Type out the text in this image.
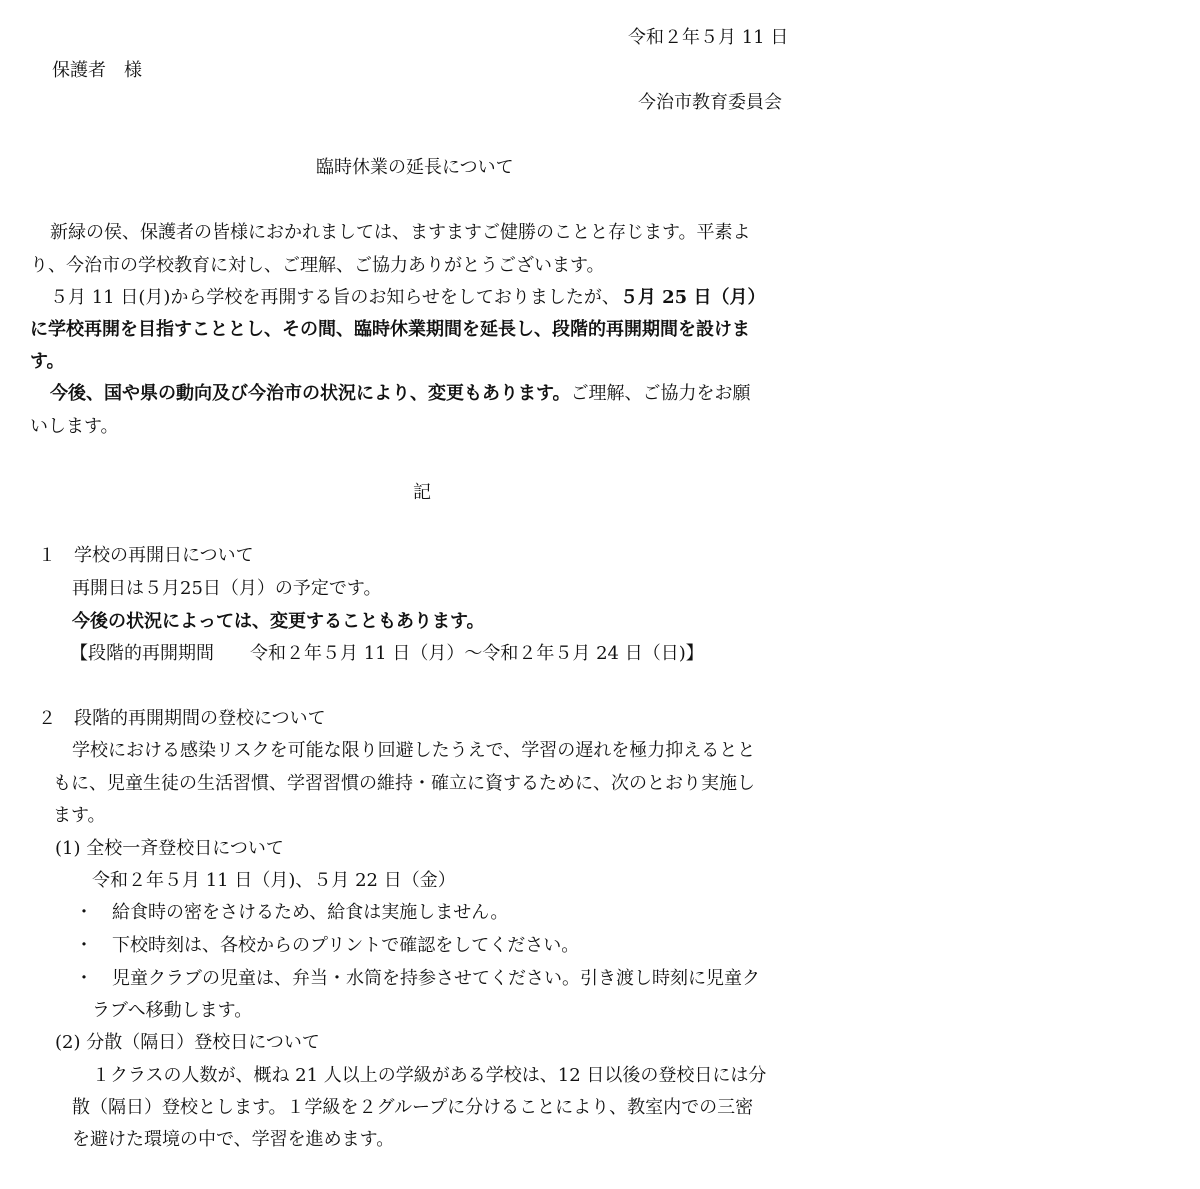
令和２年５月 11 日
保護者　様
今治市教育委員会
臨時休業の延長について
新緑の侯、保護者の皆様におかれましては、ますますご健勝のことと存じます。平素よ
り、今治市の学校教育に対し、ご理解、ご協力ありがとうございます。
５月 11 日(月)から学校を再開する旨のお知らせをしておりましたが、５月 25 日（月）
に学校再開を目指すこととし、その間、臨時休業期間を延長し、段階的再開期間を設けま
す。
今後、国や県の動向及び今治市の状況により、変更もあります。ご理解、ご協力をお願
いします。
記
１　学校の再開日について
再開日は５月25日（月）の予定です。
今後の状況によっては、変更することもあります。
【段階的再開期間　　令和２年５月 11 日（月）～令和２年５月 24 日（日)】
２　段階的再開期間の登校について
学校における感染リスクを可能な限り回避したうえで、学習の遅れを極力抑えるとと
もに、児童生徒の生活習慣、学習習慣の維持・確立に資するために、次のとおり実施し
ます。
(1) 全校一斉登校日について
令和２年５月 11 日（月)、５月 22 日（金）
・ 給食時の密をさけるため、給食は実施しません。
・ 下校時刻は、各校からのプリントで確認をしてください。
・ 児童クラブの児童は、弁当・水筒を持参させてください。引き渡し時刻に児童ク
ラブへ移動します。
(2) 分散（隔日）登校日について
１クラスの人数が、概ね 21 人以上の学級がある学校は、12 日以後の登校日には分
散（隔日）登校とします。１学級を２グループに分けることにより、教室内での三密
を避けた環境の中で、学習を進めます。
